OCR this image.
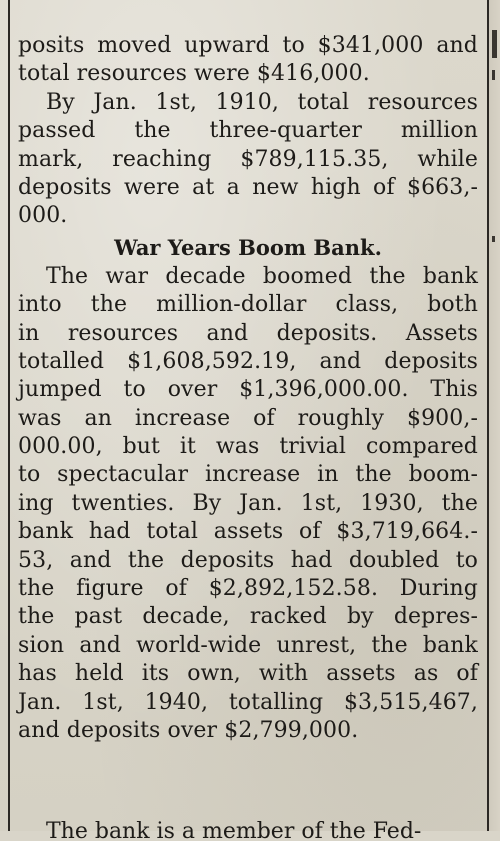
posits moved upward to $341,000 and
total resources were $416,000.
By Jan. 1st, 1910, total resources
passed the three-quarter million
mark, reaching $789,115.35, while
deposits were at a new high of $663,-
000.
War Years Boom Bank.
The war decade boomed the bank
into the million-dollar class, both
in resources and deposits. Assets
totalled $1,608,592.19, and deposits
jumped to over $1,396,000.00. This
was an increase of roughly $900,-
000.00, but it was trivial compared
to spectacular increase in the boom-
ing twenties. By Jan. 1st, 1930, the
bank had total assets of $3,719,664.-
53, and the deposits had doubled to
the figure of $2,892,152.58. During
the past decade, racked by depres-
sion and world-wide unrest, the bank
has held its own, with assets as of
Jan. 1st, 1940, totalling $3,515,467,
and deposits over $2,799,000.
The bank is a member of the Fed-
